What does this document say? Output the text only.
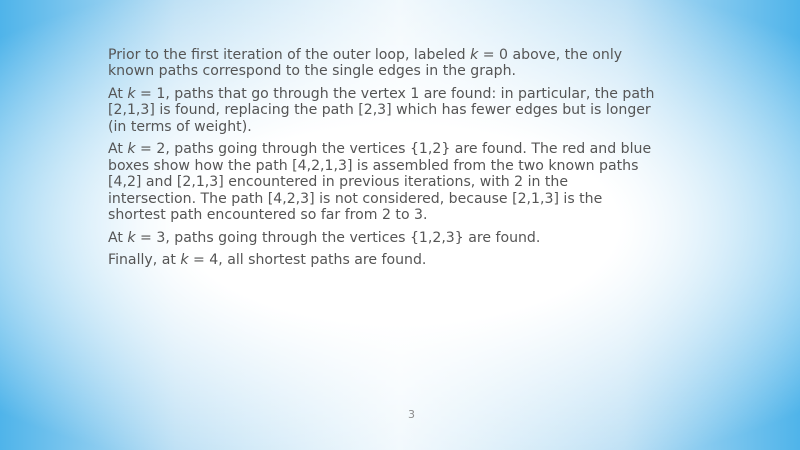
Prior to the first iteration of the outer loop, labeled k = 0 above, the only known paths correspond to the single edges in the graph.

At k = 1, paths that go through the vertex 1 are found: in particular, the path [2,1,3] is found, replacing the path [2,3] which has fewer edges but is longer (in terms of weight).

At k = 2, paths going through the vertices {1,2} are found. The red and blue boxes show how the path [4,2,1,3] is assembled from the two known paths [4,2] and [2,1,3] encountered in previous iterations, with 2 in the intersection. The path [4,2,3] is not considered, because [2,1,3] is the shortest path encountered so far from 2 to 3.

At k = 3, paths going through the vertices {1,2,3} are found.

Finally, at k = 4, all shortest paths are found.

3
